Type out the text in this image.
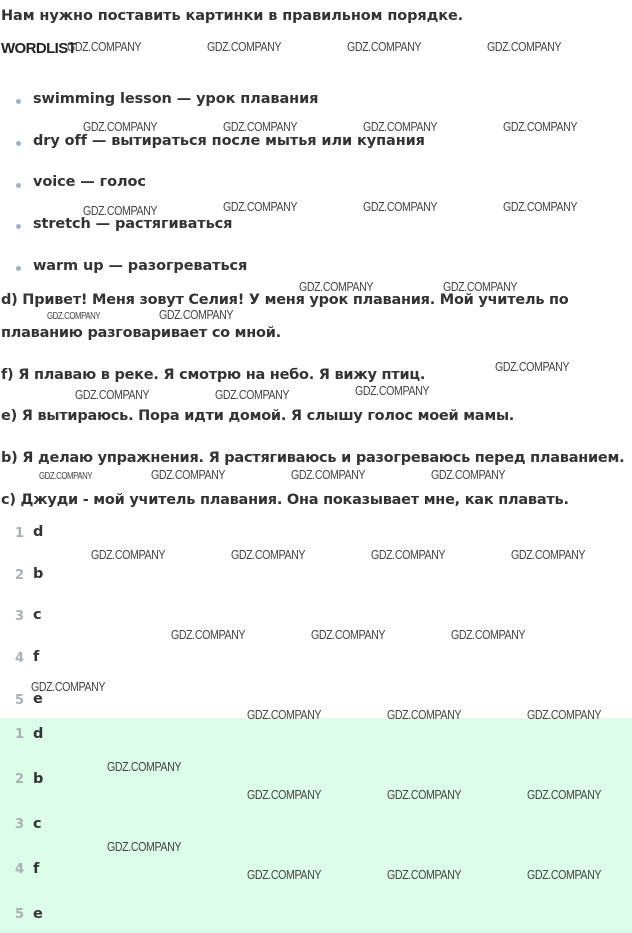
Нам нужно поставить картинки в правильном порядке.
WORDLIST
swimming lesson — урок плавания
dry off — вытираться после мытья или купания
voice — голос
stretch — растягиваться
warm up — разогреваться
d) Привет! Меня зовут Селия! У меня урок плавания. Мой учитель по плаванию разговаривает со мной.
f) Я плаваю в реке. Я смотрю на небо. Я вижу птиц.
e) Я вытираюсь. Пора идти домой. Я слышу голос моей мамы.
b) Я делаю упражнения. Я растягиваюсь и разогреваюсь перед плаванием.
c) Джуди - мой учитель плавания. Она показывает мне, как плавать.
1 d
2 b
3 c
4 f
5 e
1 d
2 b
3 c
4 f
5 e
GDZ.COMPANY	GDZ.COMPANY	GDZ.COMPANY	GDZ.COMPANY
GDZ.COMPANY	GDZ.COMPANY	GDZ.COMPANY	GDZ.COMPANY
GDZ.COMPANY	GDZ.COMPANY	GDZ.COMPANY	GDZ.COMPANY
GDZ.COMPANY	GDZ.COMPANY
GDZ.COMPANY	GDZ.COMPANY
GDZ.COMPANY
GDZ.COMPANY	GDZ.COMPANY	GDZ.COMPANY
GDZ.COMPANY	GDZ.COMPANY	GDZ.COMPANY	GDZ.COMPANY
GDZ.COMPANY	GDZ.COMPANY	GDZ.COMPANY	GDZ.COMPANY
GDZ.COMPANY	GDZ.COMPANY	GDZ.COMPANY
GDZ.COMPANY
GDZ.COMPANY	GDZ.COMPANY	GDZ.COMPANY
GDZ.COMPANY
GDZ.COMPANY	GDZ.COMPANY	GDZ.COMPANY
GDZ.COMPANY
GDZ.COMPANY	GDZ.COMPANY	GDZ.COMPANY
